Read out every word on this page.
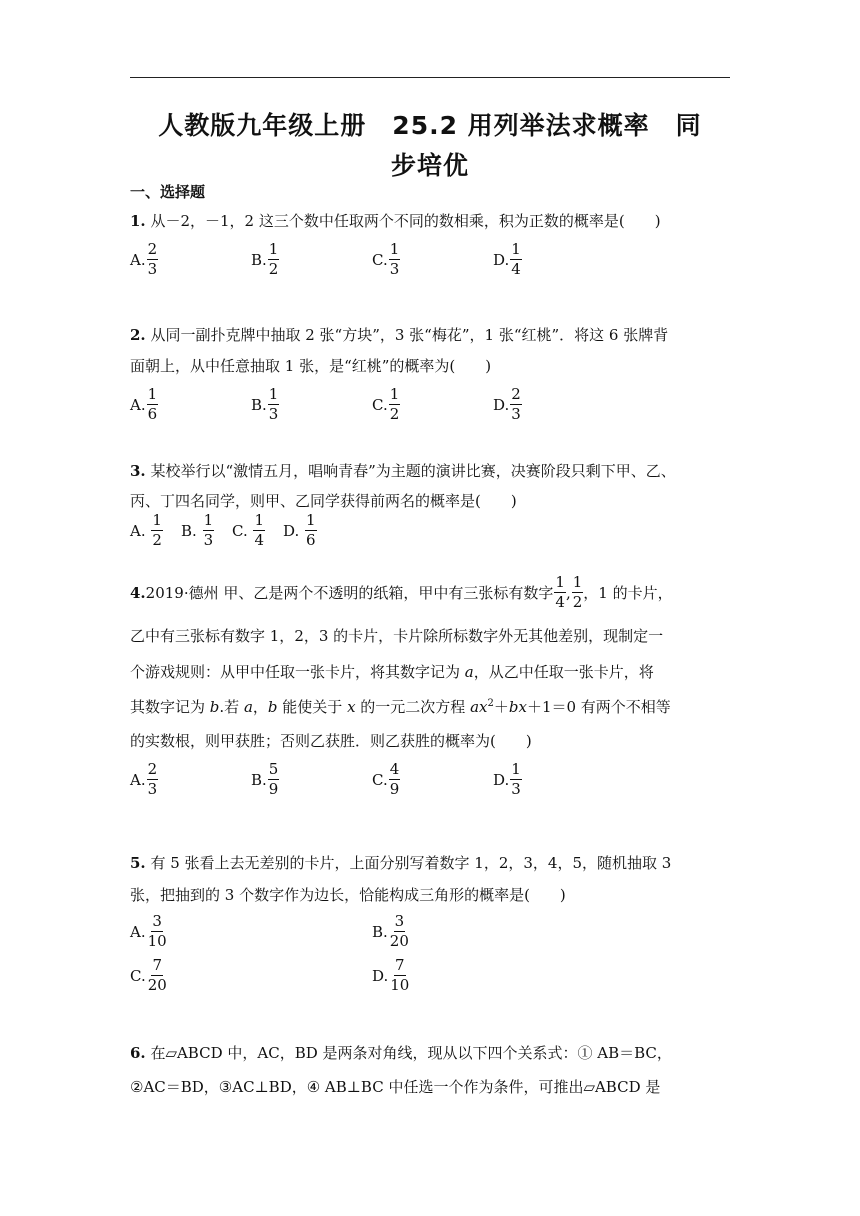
人教版九年级上册　25.2 用列举法求概率　同
步培优
一、选择题
1. 从－2，－1，2 这三个数中任取两个不同的数相乘，积为正数的概率是(　　)
A. $\frac{2}{3}$	B. $\frac{1}{2}$	C. $\frac{1}{3}$	D. $\frac{1}{4}$
2. 从同一副扑克牌中抽取 2 张“方块”，3 张“梅花”，1 张“红桃”．将这 6 张牌背
面朝上，从中任意抽取 1 张，是“红桃”的概率为(　　)
A. $\frac{1}{6}$	B. $\frac{1}{3}$	C. $\frac{1}{2}$	D. $\frac{2}{3}$
3. 某校举行以“激情五月，唱响青春”为主题的演讲比赛，决赛阶段只剩下甲、乙、
丙、丁四名同学，则甲、乙同学获得前两名的概率是(　　)
A. $\frac{1}{2} B$. $\frac{1}{3} C$. $\frac{1}{4} D$. $\frac{1}{6}$
4. 2019·德州 甲、乙是两个不透明的纸箱，甲中有三张标有数字 $\frac{1}{4}$ , $\frac{1}{2}$ ，1 的卡片，
乙中有三张标有数字 1，2，3 的卡片，卡片除所标数字外无其他差别，现制定一
个游戏规则：从甲中任取一张卡片，将其数字记为 a，从乙中任取一张卡片，将
其数字记为 b.若 a，b 能使关于 x 的一元二次方程 $ax^2+bx+1=0$ 有两个不相等
的实数根，则甲获胜；否则乙获胜．则乙获胜的概率为(　　)
A. $\frac{2}{3}$	B. $\frac{5}{9}$	C. $\frac{4}{9}$	D. $\frac{1}{3}$
5. 有 5 张看上去无差别的卡片，上面分别写着数字 1，2，3，4，5，随机抽取 3
张，把抽到的 3 个数字作为边长，恰能构成三角形的概率是(　　)
A. $\frac{3}{10}$	B. $\frac{3}{20}$
C. $\frac{7}{20}$	D. $\frac{7}{10}$
6. 在▱ABCD 中，AC，BD 是两条对角线，现从以下四个关系式：① AB＝BC，
②AC＝BD，③AC⊥BD，④ AB⊥BC 中任选一个作为条件，可推出▱ABCD 是
